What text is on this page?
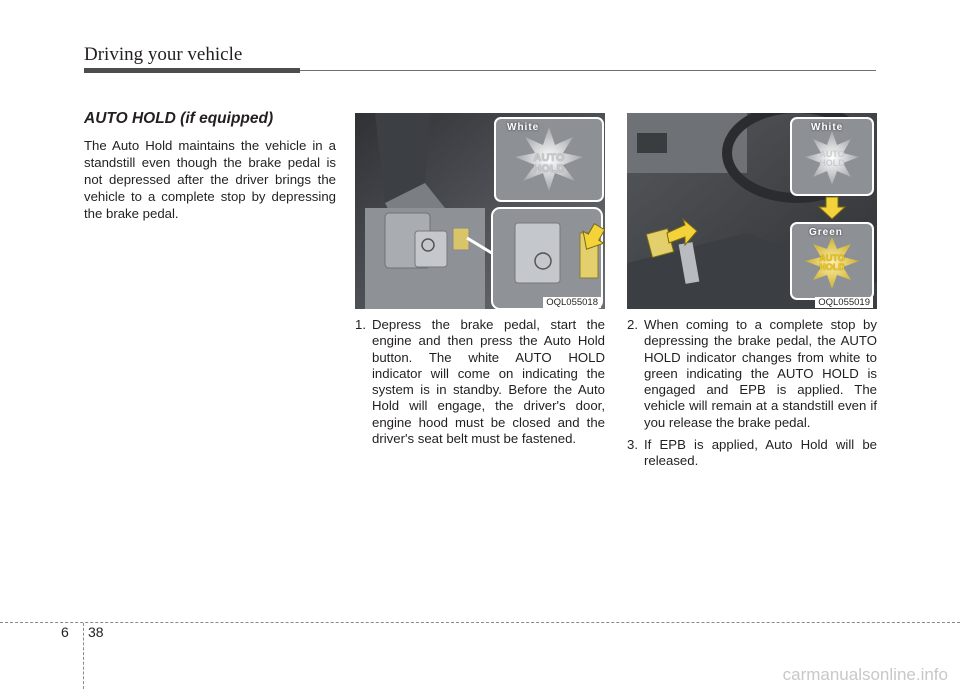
Driving your vehicle
AUTO HOLD (if equipped)

The Auto Hold maintains the vehicle in a standstill even though the brake pedal is not depressed after the driver brings the vehicle to a complete stop by depressing the brake pedal.

White
AUTO
HOLD
OQL055018
White
AUTO
HOLD
Green
AUTO
HOLD
OQL055019
1. Depress the brake pedal, start the engine and then press the Auto Hold button. The white AUTO HOLD indicator will come on indicating the system is in standby. Before the Auto Hold will engage, the driver's door, engine hood must be closed and the driver's seat belt must be fastened.
2. When coming to a complete stop by depressing the brake pedal, the AUTO HOLD indicator changes from white to green indicating the AUTO HOLD is engaged and EPB is applied. The vehicle will remain at a standstill even if you release the brake pedal.
3. If EPB is applied, Auto Hold will be released.
6 38
carmanualsonline.info
